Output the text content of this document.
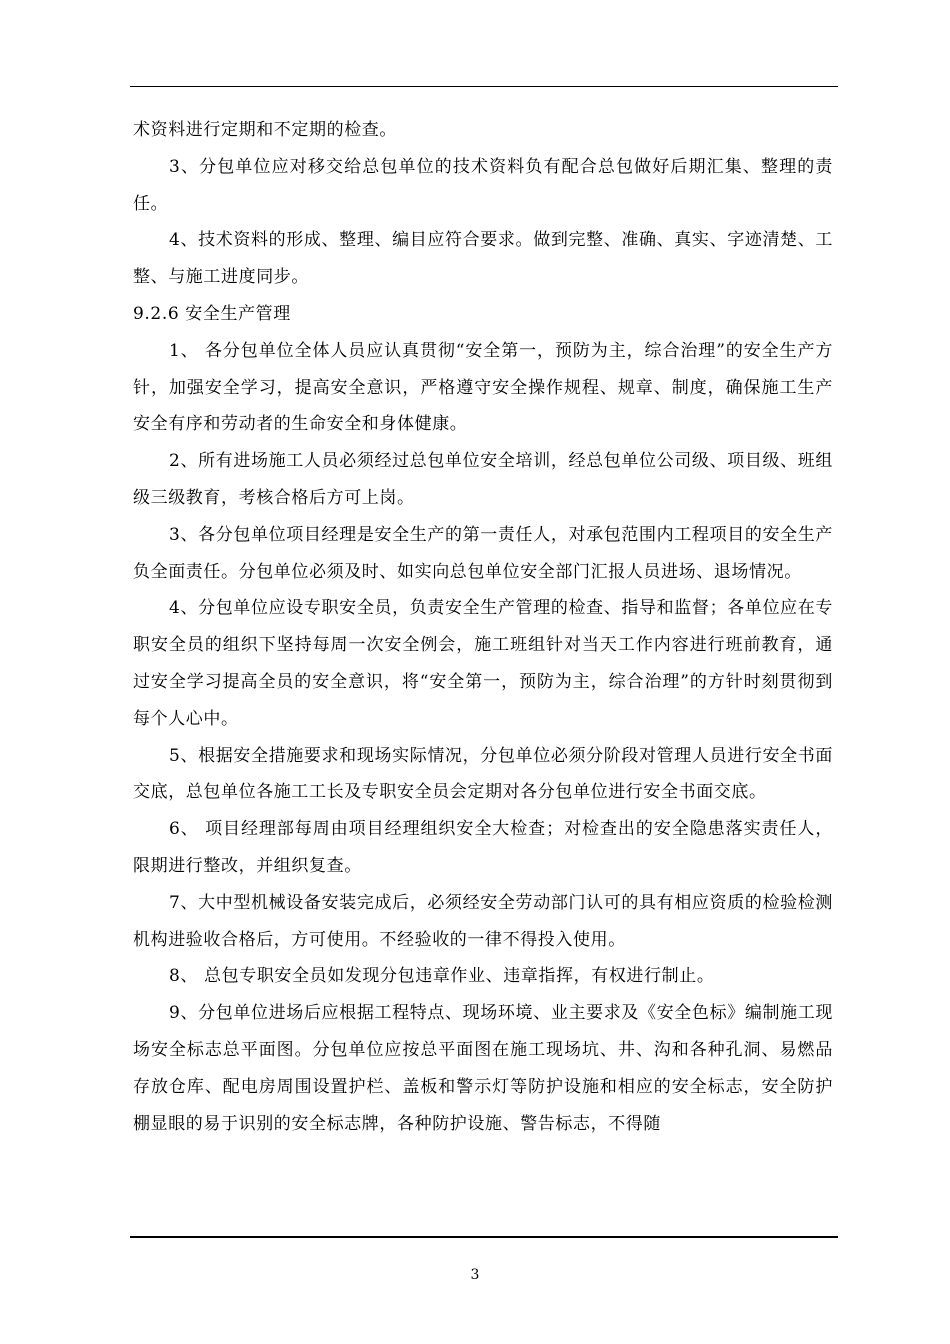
术资料进行定期和不定期的检查。

3、分包单位应对移交给总包单位的技术资料负有配合总包做好后期汇集、整理的责任。

4、技术资料的形成、整理、编目应符合要求。做到完整、准确、真实、字迹清楚、工整、与施工进度同步。

9.2.6 安全生产管理

1、 各分包单位全体人员应认真贯彻“安全第一，预防为主，综合治理”的安全生产方针，加强安全学习，提高安全意识，严格遵守安全操作规程、规章、制度，确保施工生产安全有序和劳动者的生命安全和身体健康。

2、所有进场施工人员必须经过总包单位安全培训，经总包单位公司级、项目级、班组级三级教育，考核合格后方可上岗。

3、各分包单位项目经理是安全生产的第一责任人，对承包范围内工程项目的安全生产负全面责任。分包单位必须及时、如实向总包单位安全部门汇报人员进场、退场情况。

4、分包单位应设专职安全员，负责安全生产管理的检查、指导和监督；各单位应在专职安全员的组织下坚持每周一次安全例会，施工班组针对当天工作内容进行班前教育，通过安全学习提高全员的安全意识，将“安全第一，预防为主，综合治理”的方针时刻贯彻到每个人心中。

5、根据安全措施要求和现场实际情况，分包单位必须分阶段对管理人员进行安全书面交底，总包单位各施工工长及专职安全员会定期对各分包单位进行安全书面交底。

6、 项目经理部每周由项目经理组织安全大检查；对检查出的安全隐患落实责任人，限期进行整改，并组织复查。

7、大中型机械设备安装完成后，必须经安全劳动部门认可的具有相应资质的检验检测机构进验收合格后，方可使用。不经验收的一律不得投入使用。

8、 总包专职安全员如发现分包违章作业、违章指挥，有权进行制止。

9、分包单位进场后应根据工程特点、现场环境、业主要求及《安全色标》编制施工现场安全标志总平面图。分包单位应按总平面图在施工现场坑、井、沟和各种孔洞、易燃品存放仓库、配电房周围设置护栏、盖板和警示灯等防护设施和相应的安全标志，安全防护棚显眼的易于识别的安全标志牌，各种防护设施、警告标志，不得随

3
